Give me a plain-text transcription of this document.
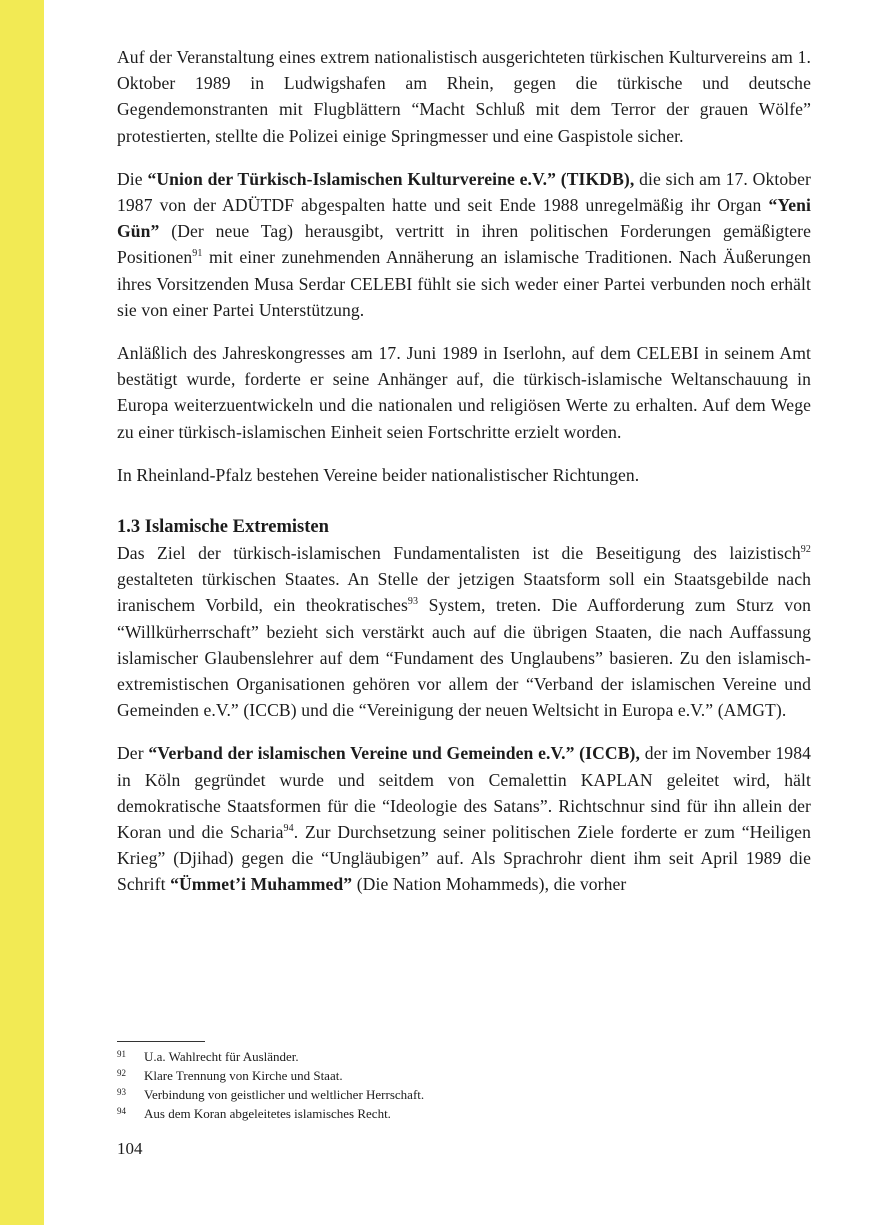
Auf der Veranstaltung eines extrem nationalistisch ausgerichteten türkischen Kulturvereins am 1. Oktober 1989 in Ludwigshafen am Rhein, gegen die türkische und deutsche Gegendemonstranten mit Flugblättern “Macht Schluß mit dem Terror der grauen Wölfe” protestierten, stellte die Polizei einige Springmesser und eine Gaspistole sicher.

Die “Union der Türkisch-Islamischen Kulturvereine e.V.” (TIKDB), die sich am 17. Oktober 1987 von der ADÜTDF abgespalten hatte und seit Ende 1988 unregelmäßig ihr Organ “Yeni Gün” (Der neue Tag) herausgibt, vertritt in ihren politischen Forderungen gemäßigtere Positionen$^{91}$ mit einer zunehmenden Annäherung an islamische Traditionen. Nach Äußerungen ihres Vorsitzenden Musa Serdar CELEBI fühlt sie sich weder einer Partei verbunden noch erhält sie von einer Partei Unterstützung.

Anläßlich des Jahreskongresses am 17. Juni 1989 in Iserlohn, auf dem CELEBI in seinem Amt bestätigt wurde, forderte er seine Anhänger auf, die türkisch-islamische Weltanschauung in Europa weiterzuentwickeln und die nationalen und religiösen Werte zu erhalten. Auf dem Wege zu einer türkisch-islamischen Einheit seien Fortschritte erzielt worden.

In Rheinland-Pfalz bestehen Vereine beider nationalistischer Richtungen.

1.3 Islamische Extremisten

Das Ziel der türkisch-islamischen Fundamentalisten ist die Beseitigung des laizistisch$^{92}$ gestalteten türkischen Staates. An Stelle der jetzigen Staatsform soll ein Staatsgebilde nach iranischem Vorbild, ein theokratisches$^{93}$ System, treten. Die Aufforderung zum Sturz von “Willkürherrschaft” bezieht sich verstärkt auch auf die übrigen Staaten, die nach Auffassung islamischer Glaubenslehrer auf dem “Fundament des Unglaubens” basieren. Zu den islamisch- extremistischen Organisationen gehören vor allem der “Verband der islamischen Vereine und Gemeinden e.V.” (ICCB) und die “Vereinigung der neuen Weltsicht in Europa e.V.” (AMGT).

Der “Verband der islamischen Vereine und Gemeinden e.V.” (ICCB), der im November 1984 in Köln gegründet wurde und seitdem von Cemalettin KAPLAN geleitet wird, hält demokratische Staatsformen für die “Ideologie des Satans”. Richtschnur sind für ihn allein der Koran und die Scharia$^{94}$. Zur Durchsetzung seiner politischen Ziele forderte er zum “Heiligen Krieg” (Djihad) gegen die “Ungläubigen” auf. Als Sprachrohr dient ihm seit April 1989 die Schrift “Ümmet’i Muhammed” (Die Nation Mohammeds), die vorher

91	U.a. Wahlrecht für Ausländer.
92	Klare Trennung von Kirche und Staat.
93	Verbindung von geistlicher und weltlicher Herrschaft.
94	Aus dem Koran abgeleitetes islamisches Recht.
104
